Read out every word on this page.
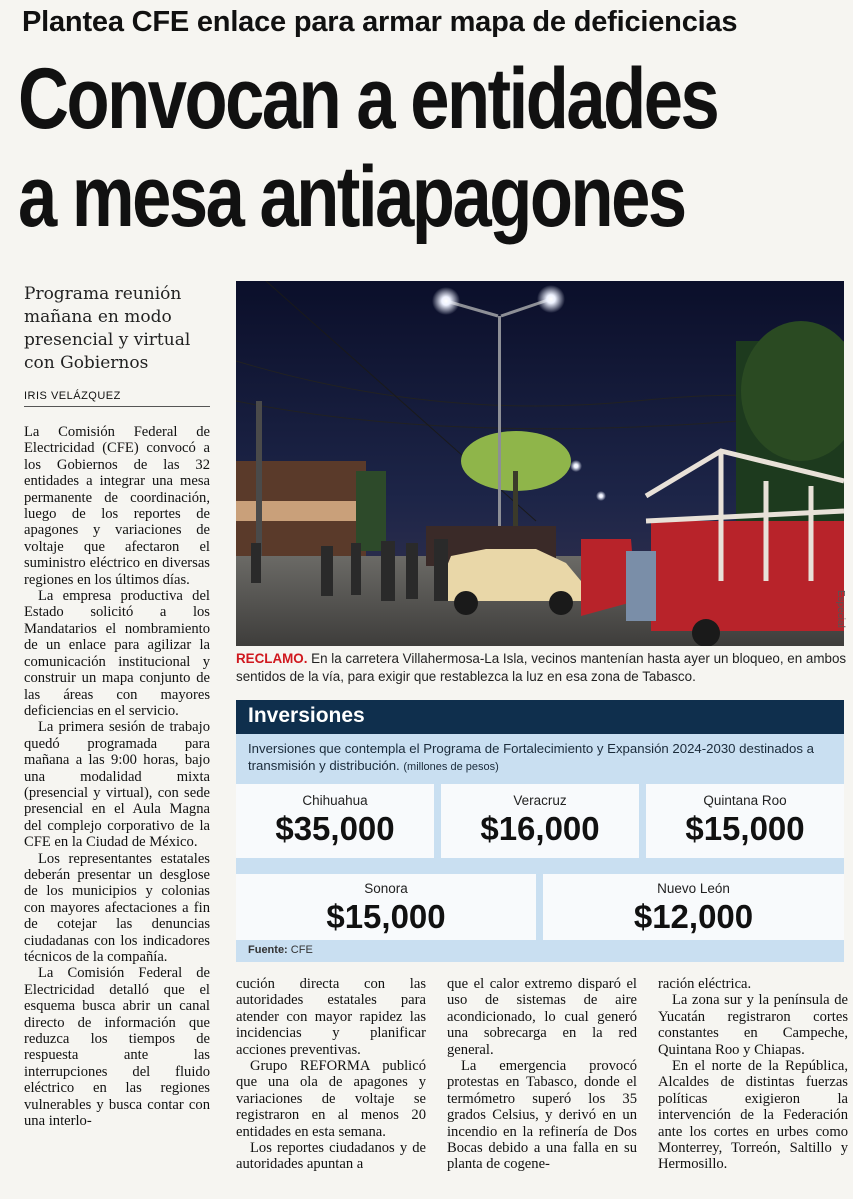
Plantea CFE enlace para armar mapa de deficiencias
Convocan a entidades
a mesa antiapagones
Programa reunión mañana en modo presencial y virtual con Gobiernos
IRIS VELÁZQUEZ

La Comisión Federal de Electricidad (CFE) convocó a los Gobiernos de las 32 entidades a integrar una mesa permanente de coordinación, luego de los reportes de apagones y variaciones de voltaje que afectaron el suministro eléctrico en diversas regiones en los últimos días.

La empresa productiva del Estado solicitó a los Mandatarios el nombramiento de un enlace para agilizar la comunicación institucional y construir un mapa conjunto de las áreas con mayores deficiencias en el servicio.

La primera sesión de trabajo quedó programada para mañana a las 9:00 horas, bajo una modalidad mixta (presencial y virtual), con sede presencial en el Aula Magna del complejo corporativo de la CFE en la Ciudad de México.

Los representantes estatales deberán presentar un desglose de los municipios y colonias con mayores afectaciones a fin de cotejar las denuncias ciudadanas con los indicadores técnicos de la compañía.

La Comisión Federal de Electricidad detalló que el esquema busca abrir un canal directo de información que reduzca los tiempos de respuesta ante las interrupciones del fluido eléctrico en las regiones vulnerables y busca contar con una interlo-

Especial
RECLAMO. En la carretera Villahermosa-La Isla, vecinos mantenían hasta ayer un bloqueo, en ambos sentidos de la vía, para exigir que restablezca la luz en esa zona de Tabasco.
Inversiones
Inversiones que contempla el Programa de Fortalecimiento y Expansión 2024-2030 destinados a transmisión y distribución. (millones de pesos)
Chihuahua
$35,000
Veracruz
$16,000
Quintana Roo
$15,000
Sonora
$15,000
Nuevo León
$12,000
Fuente: CFE

cución directa con las autoridades estatales para atender con mayor rapidez las incidencias y planificar acciones preventivas.

Grupo REFORMA publicó que una ola de apagones y variaciones de voltaje se registraron en al menos 20 entidades en esta semana.

Los reportes ciudadanos y de autoridades apuntan a

que el calor extremo disparó el uso de sistemas de aire acondicionado, lo cual generó una sobrecarga en la red general.

La emergencia provocó protestas en Tabasco, donde el termómetro superó los 35 grados Celsius, y derivó en un incendio en la refinería de Dos Bocas debido a una falla en su planta de cogene-

ración eléctrica.

La zona sur y la península de Yucatán registraron cortes constantes en Campeche, Quintana Roo y Chiapas.

En el norte de la República, Alcaldes de distintas fuerzas políticas exigieron la intervención de la Federación ante los cortes en urbes como Monterrey, Torreón, Saltillo y Hermosillo.
